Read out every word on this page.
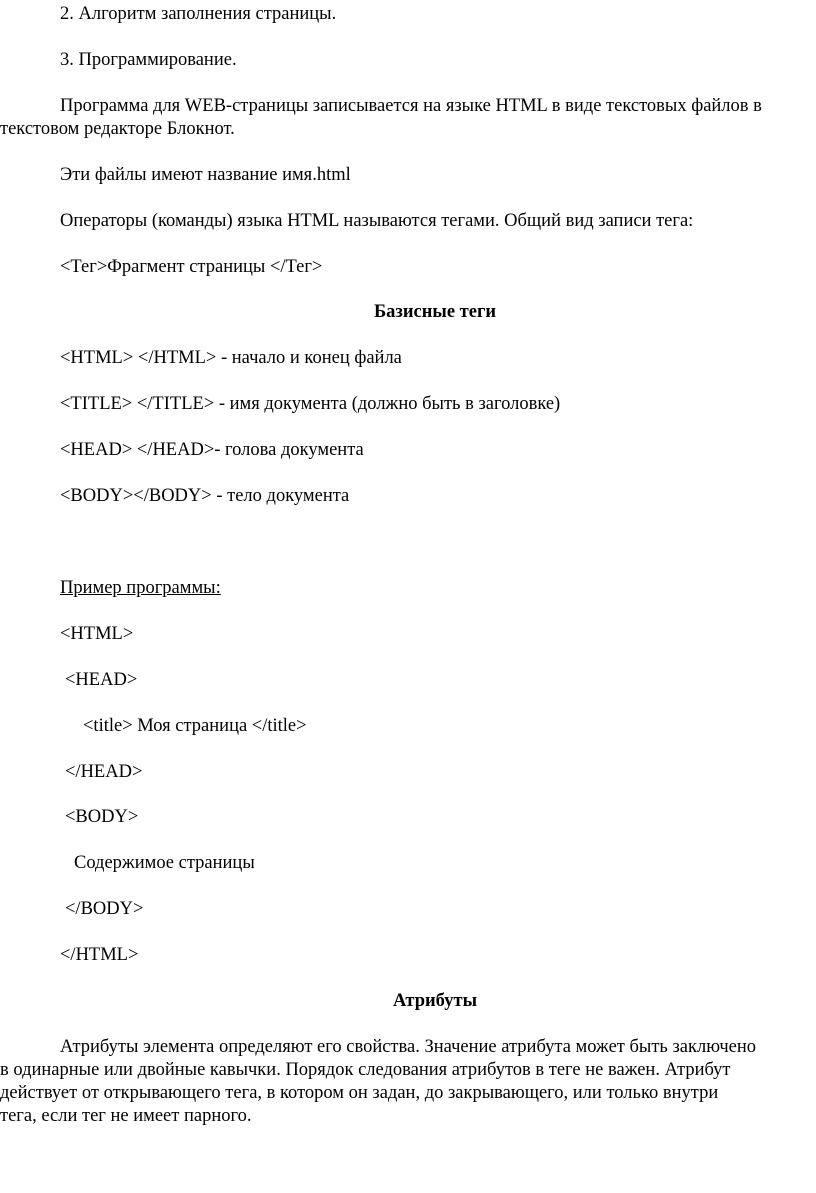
2. Алгоритм заполнения страницы.
3. Программирование.
Программа для WEB-страницы записывается на языке HTML в виде текстовых файлов в
текстовом редакторе Блокнот.
Эти файлы имеют название имя.html
Операторы (команды) языка HTML называются тегами. Общий вид записи тега:
<Тег>Фрагмент страницы </Тег>
Базисные теги
<HTML> </HTML> - начало и конец файла
<TITLE> </TITLE> - имя документа (должно быть в заголовке)
<HEAD> </HEAD>- голова документа
<BODY></BODY> - тело документа
Пример программы:
<HTML>
<HEAD>
<title> Моя страница </title>
</HEAD>
<BODY>
Содержимое страницы
</BODY>
</HTML>
Атрибуты
Атрибуты элемента определяют его свойства. Значение атрибута может быть заключено
в одинарные или двойные кавычки. Порядок следования атрибутов в теге не важен. Атрибут
действует от открывающего тега, в котором он задан, до закрывающего, или только внутри
тега, если тег не имеет парного.
